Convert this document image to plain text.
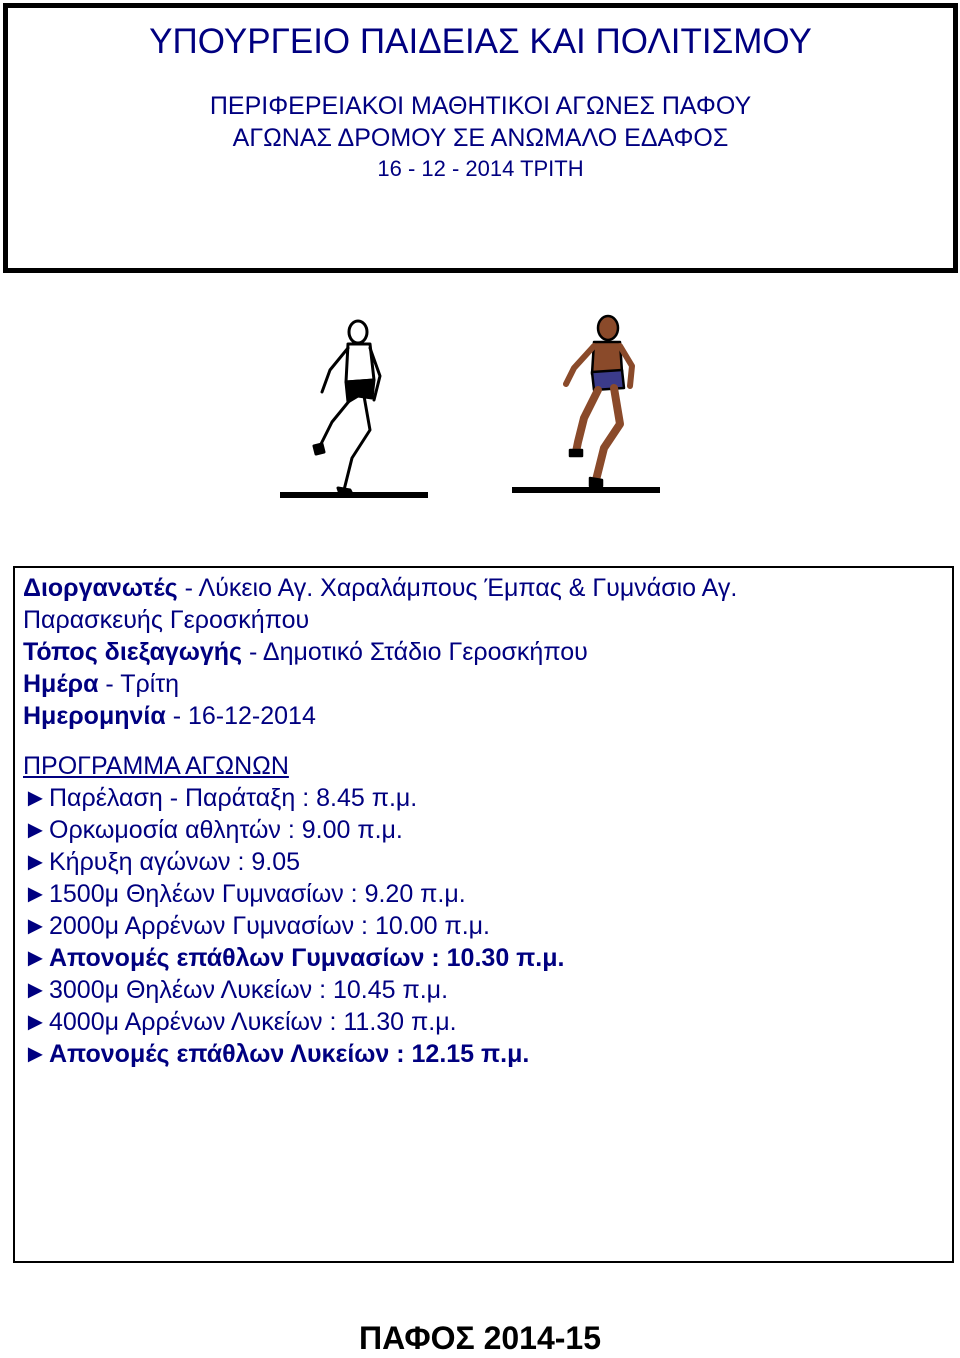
ΥΠΟΥΡΓΕΙΟ ΠΑΙΔΕΙΑΣ ΚΑΙ ΠΟΛΙΤΙΣΜΟΥ
ΠΕΡΙΦΕΡΕΙΑΚΟΙ ΜΑΘΗΤΙΚΟΙ ΑΓΩΝΕΣ ΠΑΦΟΥ
ΑΓΩΝΑΣ ΔΡΟΜΟΥ ΣΕ ΑΝΩΜΑΛΟ ΕΔΑΦΟΣ
16 - 12 - 2014 ΤΡΙΤΗ

Διοργανωτές - Λύκειο Αγ. Χαραλάμπους Έμπας & Γυμνάσιο Αγ.

Παρασκευής Γεροσκήπου

Τόπος διεξαγωγής - Δημοτικό Στάδιο Γεροσκήπου

Ημέρα - Τρίτη

Ημερομηνία - 16-12-2014

ΠΡΟΓΡΑΜΜΑ ΑΓΩΝΩΝ

►Παρέλαση - Παράταξη : 8.45 π.μ.

►Ορκωμοσία αθλητών : 9.00 π.μ.

►Κήρυξη αγώνων : 9.05

►1500μ Θηλέων Γυμνασίων : 9.20 π.μ.

►2000μ Αρρένων Γυμνασίων : 10.00 π.μ.

►Απονομές επάθλων Γυμνασίων : 10.30 π.μ.

►3000μ Θηλέων Λυκείων : 10.45 π.μ.

►4000μ Αρρένων Λυκείων : 11.30 π.μ.

►Απονομές επάθλων Λυκείων : 12.15 π.μ.

ΠΑΦΟΣ 2014-15
